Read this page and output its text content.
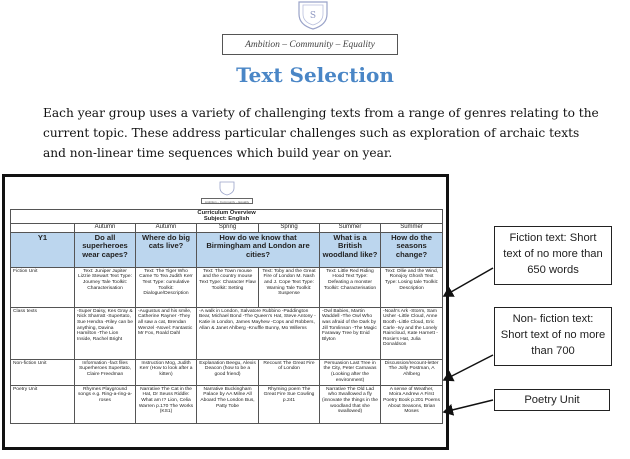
S
Ambition – Community – Equality
Text Selection

Each year group uses a variety of challenging texts from a range of genres relating to the

current topic. These address particular challenges such as exploration of archaic texts

and non-linear time sequences which build year on year.

Ambition – Community – Equality
Curriculum Overview
Subject: English						

	Autumn	Autumn	Spring	Spring	Summer	Summer
Y1	Do all superheroes wear capes?	Where do big cats live?	How do we know that Birmingham and London are cities?		What is a British woodland like?	How do the seasons change?
Fiction Unit	Text: Juniper Jupiter Lizzie Stewart Text Type: Journey Tale Toolkit: Characterisation	Text: The Tiger Who Came To Tea Judith Kerr Text Type: cumulative Toolkit: Dialogue/Description	Text: The Town mouse and the country mouse Text Type: Character Flaw Toolkit: Setting	Text: Toby and the Great Fire of London M. Nash and J. Cope Text Type: Warning Tale Toolkit: Suspense	Text: Little Red Riding Hood Text Type: Defeating a monster Toolkit: Characterisation	Text: Ollie and the Wind, Ronojoy Ghosh Text Type: Losing tale Toolkit: Description
Class texts	-Super Daisy, Kes Gray & Nick Sharratt -Supertato, Sue Hendra -Riley can be anything, Davina Hamilton -The Lion Inside, Rachel Bright	-Augustus and his smile, Catherine Rayner -They all saw a cat, Brendan Wenzel -Novel: Fantastic Mr Fox, Roald Dahl	-A walk in London, Salvatore Rubbino -Paddington Bear, Michael Bond -The Queen's Hat, Steve Antony -Katie in London, James Mayhew -Cops and Robbers, Allan & Janet Ahlberg -Knuffle Bunny, Mo Willems		-Owl Babies, Martin Waddell -The Owl Who was afraid of the Dark by Jill Tomlinson -The Magic Faraway Tree by Enid Blyton	-Noah's Ark -Storm, Sam Usher -Little Cloud, Anne Booth -Little Cloud, Eric Carle -Ivy and the Lonely Raincloud, Kate Harnett -Rosie's Hat, Julia Donaldson
Non-fiction Unit	Information -fact files Superheroes Supertato, Claire Freedman	Instruction Mog, Judith Kerr (How to look after a kitten)	Explanation Beegu, Alexis Deacon (how to be a good friend)	Recount The Great Fire of London	Persuasion Last Tree in the City, Peter Carnavas (Looking after the environment)	Discussion/recount-letter The Jolly Postman, A Ahlberg
Poetry Unit	Rhymes Playground songs e.g. Ring-a-ring-a-roses	Narrative The Cat in the Hat, Dr Seuss Riddle: What am I? Lion, Celia Warren p.170 The Works (KS1)	Narrative Buckingham Palace by AA Milne All Aboard The London Bus, Patty Tobe	Rhyming poem The Great Fire Sue Cowling p.241	Narrative The Old Lad who Swallowed a fly (innovate the things in the woodland that she swallowed)	A sense of Weather, Moira Andrew A First Poetry Book p.201 Poems About Seasons, Brian Moses
Fiction text: Short text of no more than 650 words
Non- fiction text: Short text of no more than 700
Poetry Unit
